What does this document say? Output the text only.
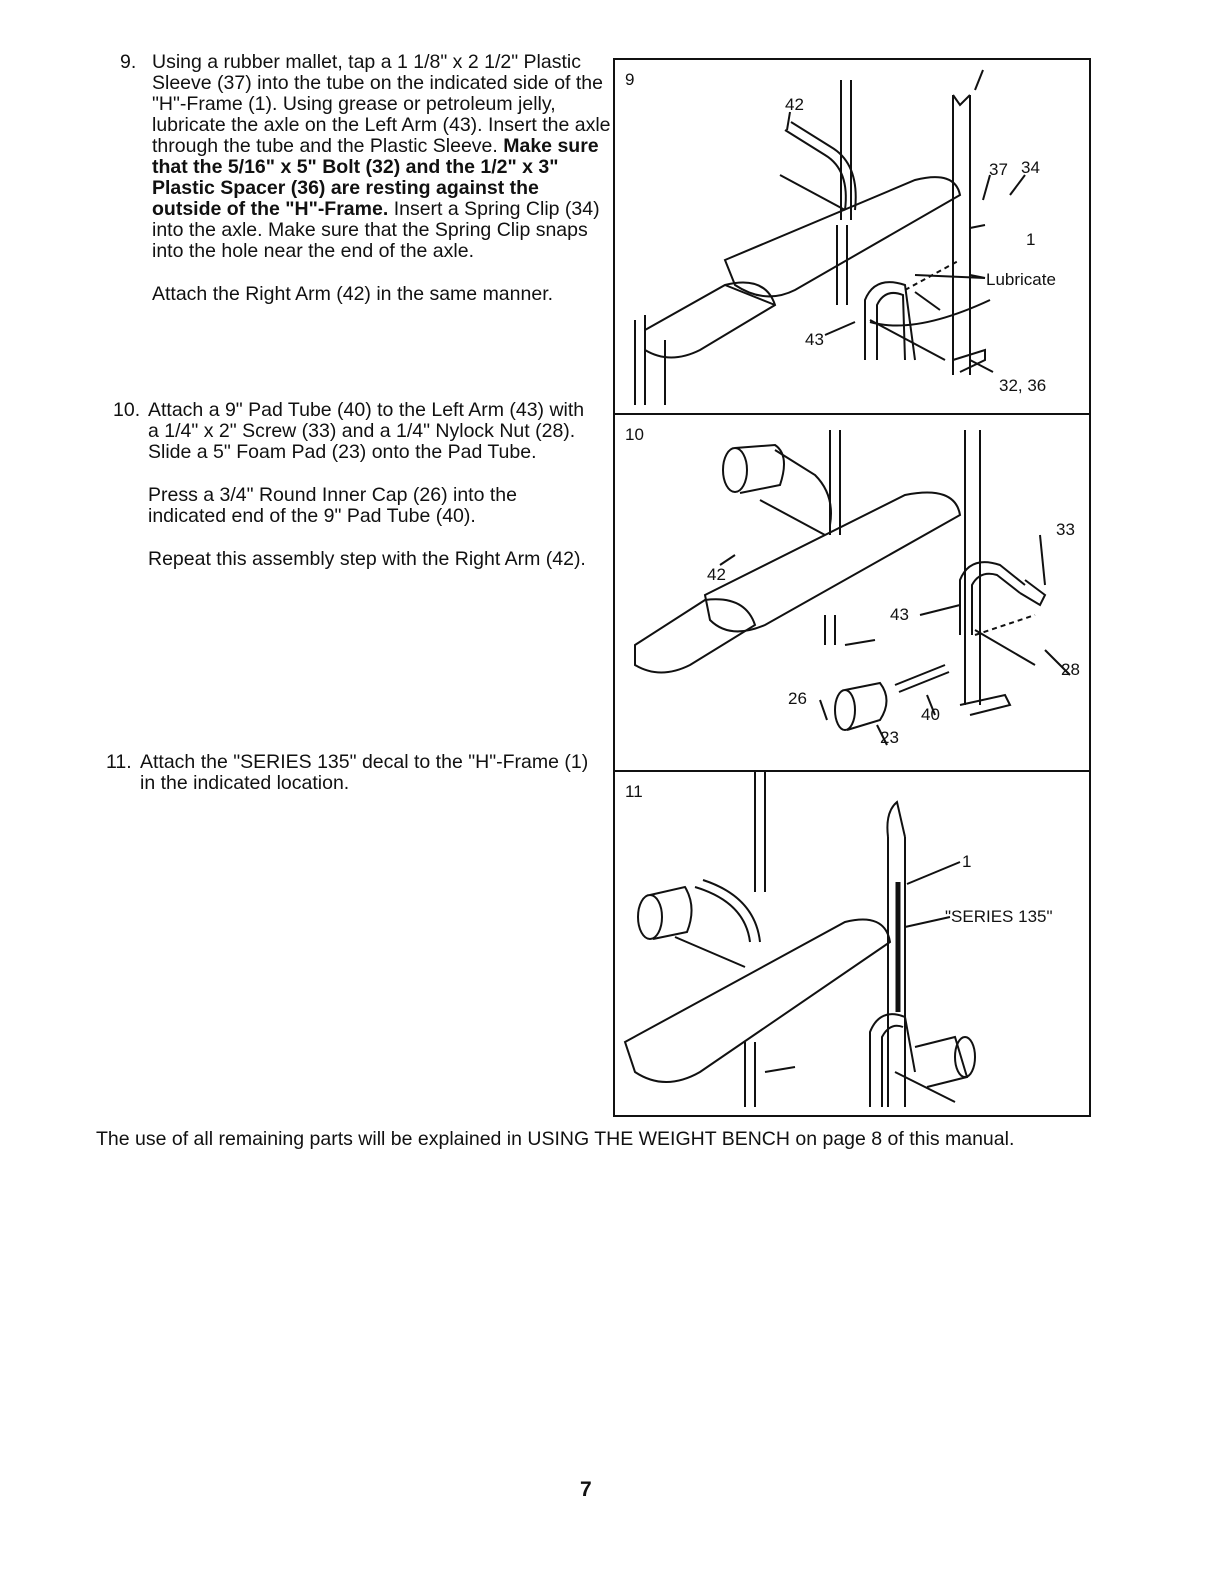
9. Using a rubber mallet, tap a 1 1/8" x 2 1/2" Plastic Sleeve (37) into the tube on the indicated side of the "H"-Frame (1). Using grease or petroleum jelly, lubricate the axle on the Left Arm (43). Insert the axle through the tube and the Plastic Sleeve. Make sure that the 5/16" x 5" Bolt (32) and the 1/2" x 3" Plastic Spacer (36) are resting against the outside of the "H"-Frame. Insert a Spring Clip (34) into the axle. Make sure that the Spring Clip snaps into the hole near the end of the axle.

Attach the Right Arm (42) in the same manner.

10. Attach a 9" Pad Tube (40) to the Left Arm (43) with a 1/4" x 2" Screw (33) and a 1/4" Nylock Nut (28). Slide a 5" Foam Pad (23) onto the Pad Tube.

Press a 3/4" Round Inner Cap (26) into the indicated end of the 9" Pad Tube (40).

Repeat this assembly step with the Right Arm (42).

11. Attach the "SERIES 135" decal to the "H"-Frame (1) in the indicated location.

9
42
37 34
1
Lubricate
43
32, 36
10
42
33
43
28
26
40
23
11
1
"SERIES 135"
The use of all remaining parts will be explained in USING THE WEIGHT BENCH on page 8 of this manual.
7
